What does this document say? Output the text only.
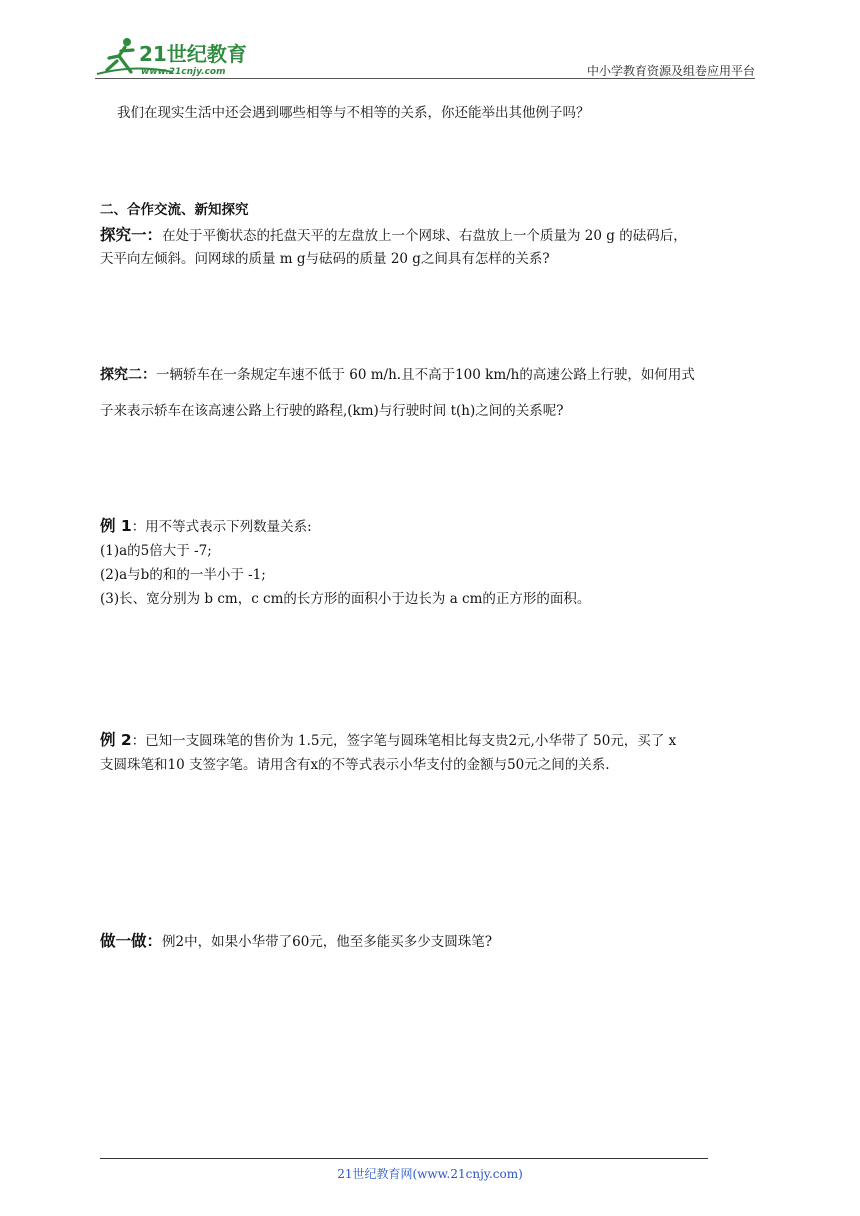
21世纪教育
www.21cnjy.com	中小学教育资源及组卷应用平台
我们在现实生活中还会遇到哪些相等与不相等的关系，你还能举出其他例子吗？
二、合作交流、新知探究
探究一：在处于平衡状态的托盘天平的左盘放上一个网球、右盘放上一个质量为 20 g 的砝码后，
天平向左倾斜。问网球的质量 m g与砝码的质量 20 g之间具有怎样的关系?
探究二：一辆轿车在一条规定车速不低于 60 m/h.且不高于100 km/h的高速公路上行驶，如何用式
子来表示轿车在该高速公路上行驶的路程,(km)与行驶时间 t(h)之间的关系呢?
例 1：用不等式表示下列数量关系:
(1)a的5倍大于 -7;
(2)a与b的和的一半小于 -1;
(3)长、宽分别为 b cm，c cm的长方形的面积小于边长为 a cm的正方形的面积。
例 2：已知一支圆珠笔的售价为 1.5元，签字笔与圆珠笔相比每支贵2元,小华带了 50元，买了 x
支圆珠笔和10 支签字笔。请用含有x的不等式表示小华支付的金额与50元之间的关系.
做一做：例2中，如果小华带了60元，他至多能买多少支圆珠笔?
21世纪教育网(www.21cnjy.com)
